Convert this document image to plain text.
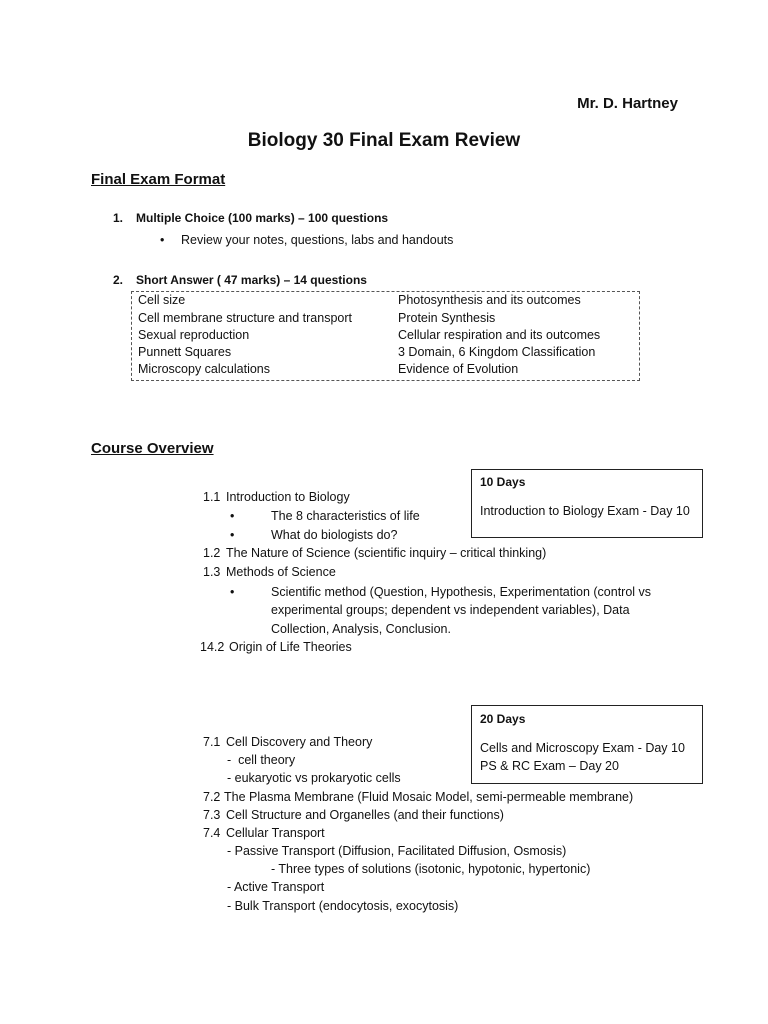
Mr. D. Hartney
Biology 30 Final Exam Review
Final Exam Format
1. Multiple Choice (100 marks) – 100 questions
•
Review your notes, questions, labs and handouts
2. Short Answer ( 47 marks) – 14 questions
Cell size
Cell membrane structure and transport
Sexual reproduction
Punnett Squares
Microscopy calculations
Photosynthesis and its outcomes
Protein Synthesis
Cellular respiration and its outcomes
3 Domain, 6 Kingdom Classification
Evidence of Evolution
Course Overview
10 Days
Introduction to Biology Exam - Day 10
1.1 Introduction to Biology
•
The 8 characteristics of life
•
What do biologists do?
1.2 The Nature of Science (scientific inquiry – critical thinking)
1.3 Methods of Science
•
Scientific method (Question, Hypothesis, Experimentation (control vs
experimental groups; dependent vs independent variables), Data
Collection, Analysis, Conclusion.
14.2 Origin of Life Theories
20 Days
Cells and Microscopy Exam - Day 10
PS & RC Exam – Day 20
7.1 Cell Discovery and Theory
-  cell theory
- eukaryotic vs prokaryotic cells
7.2 The Plasma Membrane (Fluid Mosaic Model, semi-permeable membrane)
7.3 Cell Structure and Organelles (and their functions)
7.4 Cellular Transport
- Passive Transport (Diffusion, Facilitated Diffusion, Osmosis)
- Three types of solutions (isotonic, hypotonic, hypertonic)
- Active Transport
- Bulk Transport (endocytosis, exocytosis)
